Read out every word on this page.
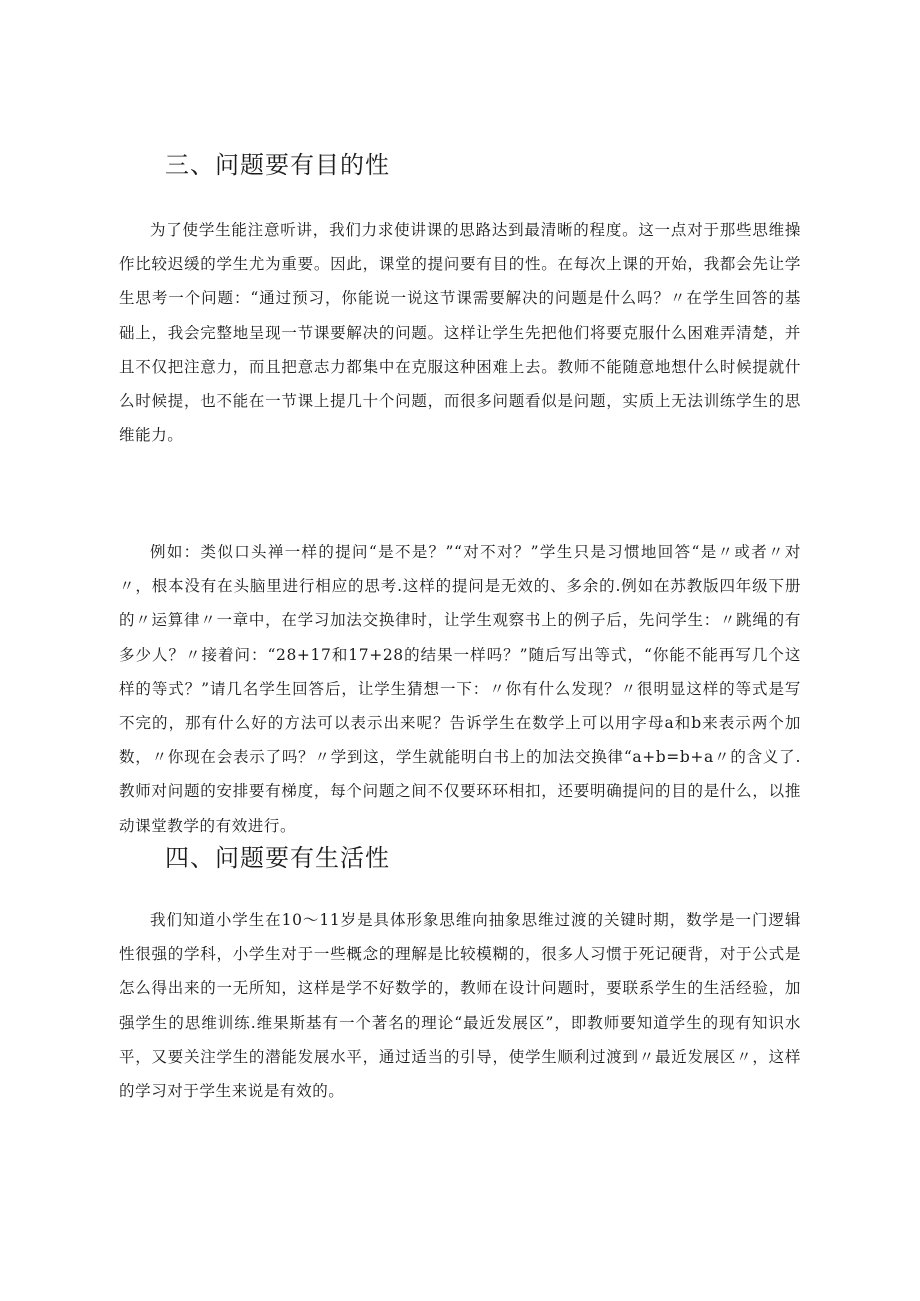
三、问题要有目的性

为了使学生能注意听讲，我们力求使讲课的思路达到最清晰的程度。这一点对于那些思维操作比较迟缓的学生尤为重要。因此，课堂的提问要有目的性。在每次上课的开始，我都会先让学生思考一个问题：“通过预习，你能说一说这节课需要解决的问题是什么吗？〃在学生回答的基础上，我会完整地呈现一节课要解决的问题。这样让学生先把他们将要克服什么困难弄清楚，并且不仅把注意力，而且把意志力都集中在克服这种困难上去。教师不能随意地想什么时候提就什么时候提，也不能在一节课上提几十个问题，而很多问题看似是问题，实质上无法训练学生的思维能力。

例如：类似口头禅一样的提问“是不是？”“对不对？”学生只是习惯地回答“是〃或者〃对〃，根本没有在头脑里进行相应的思考.这样的提问是无效的、多余的.例如在苏教版四年级下册的〃运算律〃一章中，在学习加法交换律时，让学生观察书上的例子后，先问学生：〃跳绳的有多少人？〃接着问：“28+17和17+28的结果一样吗？”随后写出等式，“你能不能再写几个这样的等式？”请几名学生回答后，让学生猜想一下：〃你有什么发现？〃很明显这样的等式是写不完的，那有什么好的方法可以表示出来呢？告诉学生在数学上可以用字母a和b来表示两个加数，〃你现在会表示了吗？〃学到这，学生就能明白书上的加法交换律“a+b=b+a〃的含义了.教师对问题的安排要有梯度，每个问题之间不仅要环环相扣，还要明确提问的目的是什么，以推动课堂教学的有效进行。

四、问题要有生活性

我们知道小学生在10〜11岁是具体形象思维向抽象思维过渡的关键时期，数学是一门逻辑性很强的学科，小学生对于一些概念的理解是比较模糊的，很多人习惯于死记硬背，对于公式是怎么得出来的一无所知，这样是学不好数学的，教师在设计问题时，要联系学生的生活经验，加强学生的思维训练.维果斯基有一个著名的理论“最近发展区”，即教师要知道学生的现有知识水平，又要关注学生的潜能发展水平，通过适当的引导，使学生顺利过渡到〃最近发展区〃，这样的学习对于学生来说是有效的。
